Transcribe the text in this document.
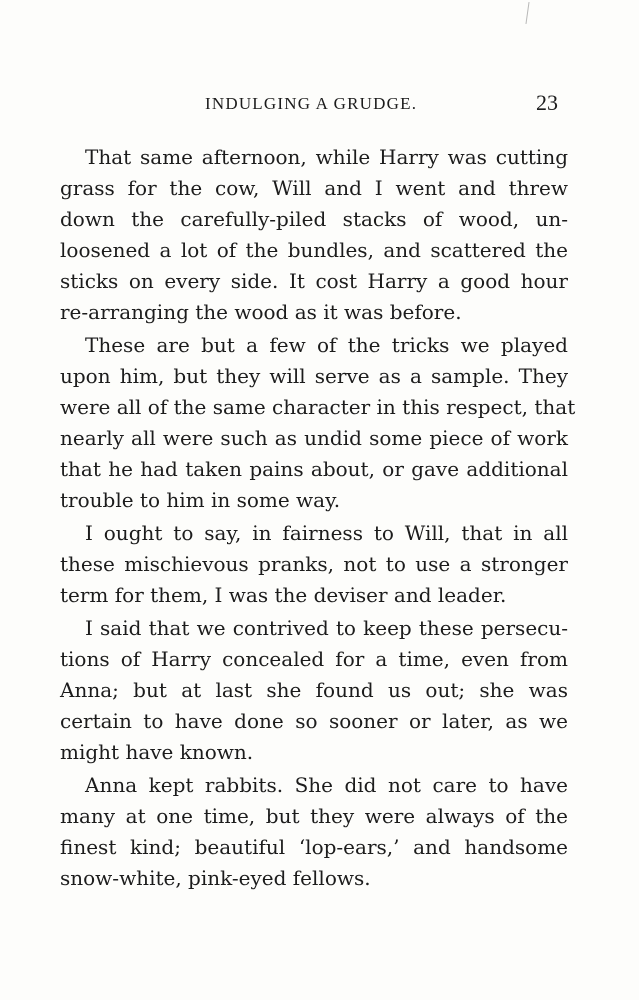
INDULGING A GRUDGE.	23
That same afternoon, while Harry was cutting
grass for the cow, Will and I went and threw
down the carefully-piled stacks of wood, un-
loosened a lot of the bundles, and scattered the
sticks on every side. It cost Harry a good hour
re-arranging the wood as it was before.
These are but a few of the tricks we played
upon him, but they will serve as a sample. They
were all of the same character in this respect, that
nearly all were such as undid some piece of work
that he had taken pains about, or gave additional
trouble to him in some way.
I ought to say, in fairness to Will, that in all
these mischievous pranks, not to use a stronger
term for them, I was the deviser and leader.
I said that we contrived to keep these persecu-
tions of Harry concealed for a time, even from
Anna; but at last she found us out; she was
certain to have done so sooner or later, as we
might have known.
Anna kept rabbits. She did not care to have
many at one time, but they were always of the
finest kind; beautiful ‘lop-ears,’ and handsome
snow-white, pink-eyed fellows.
